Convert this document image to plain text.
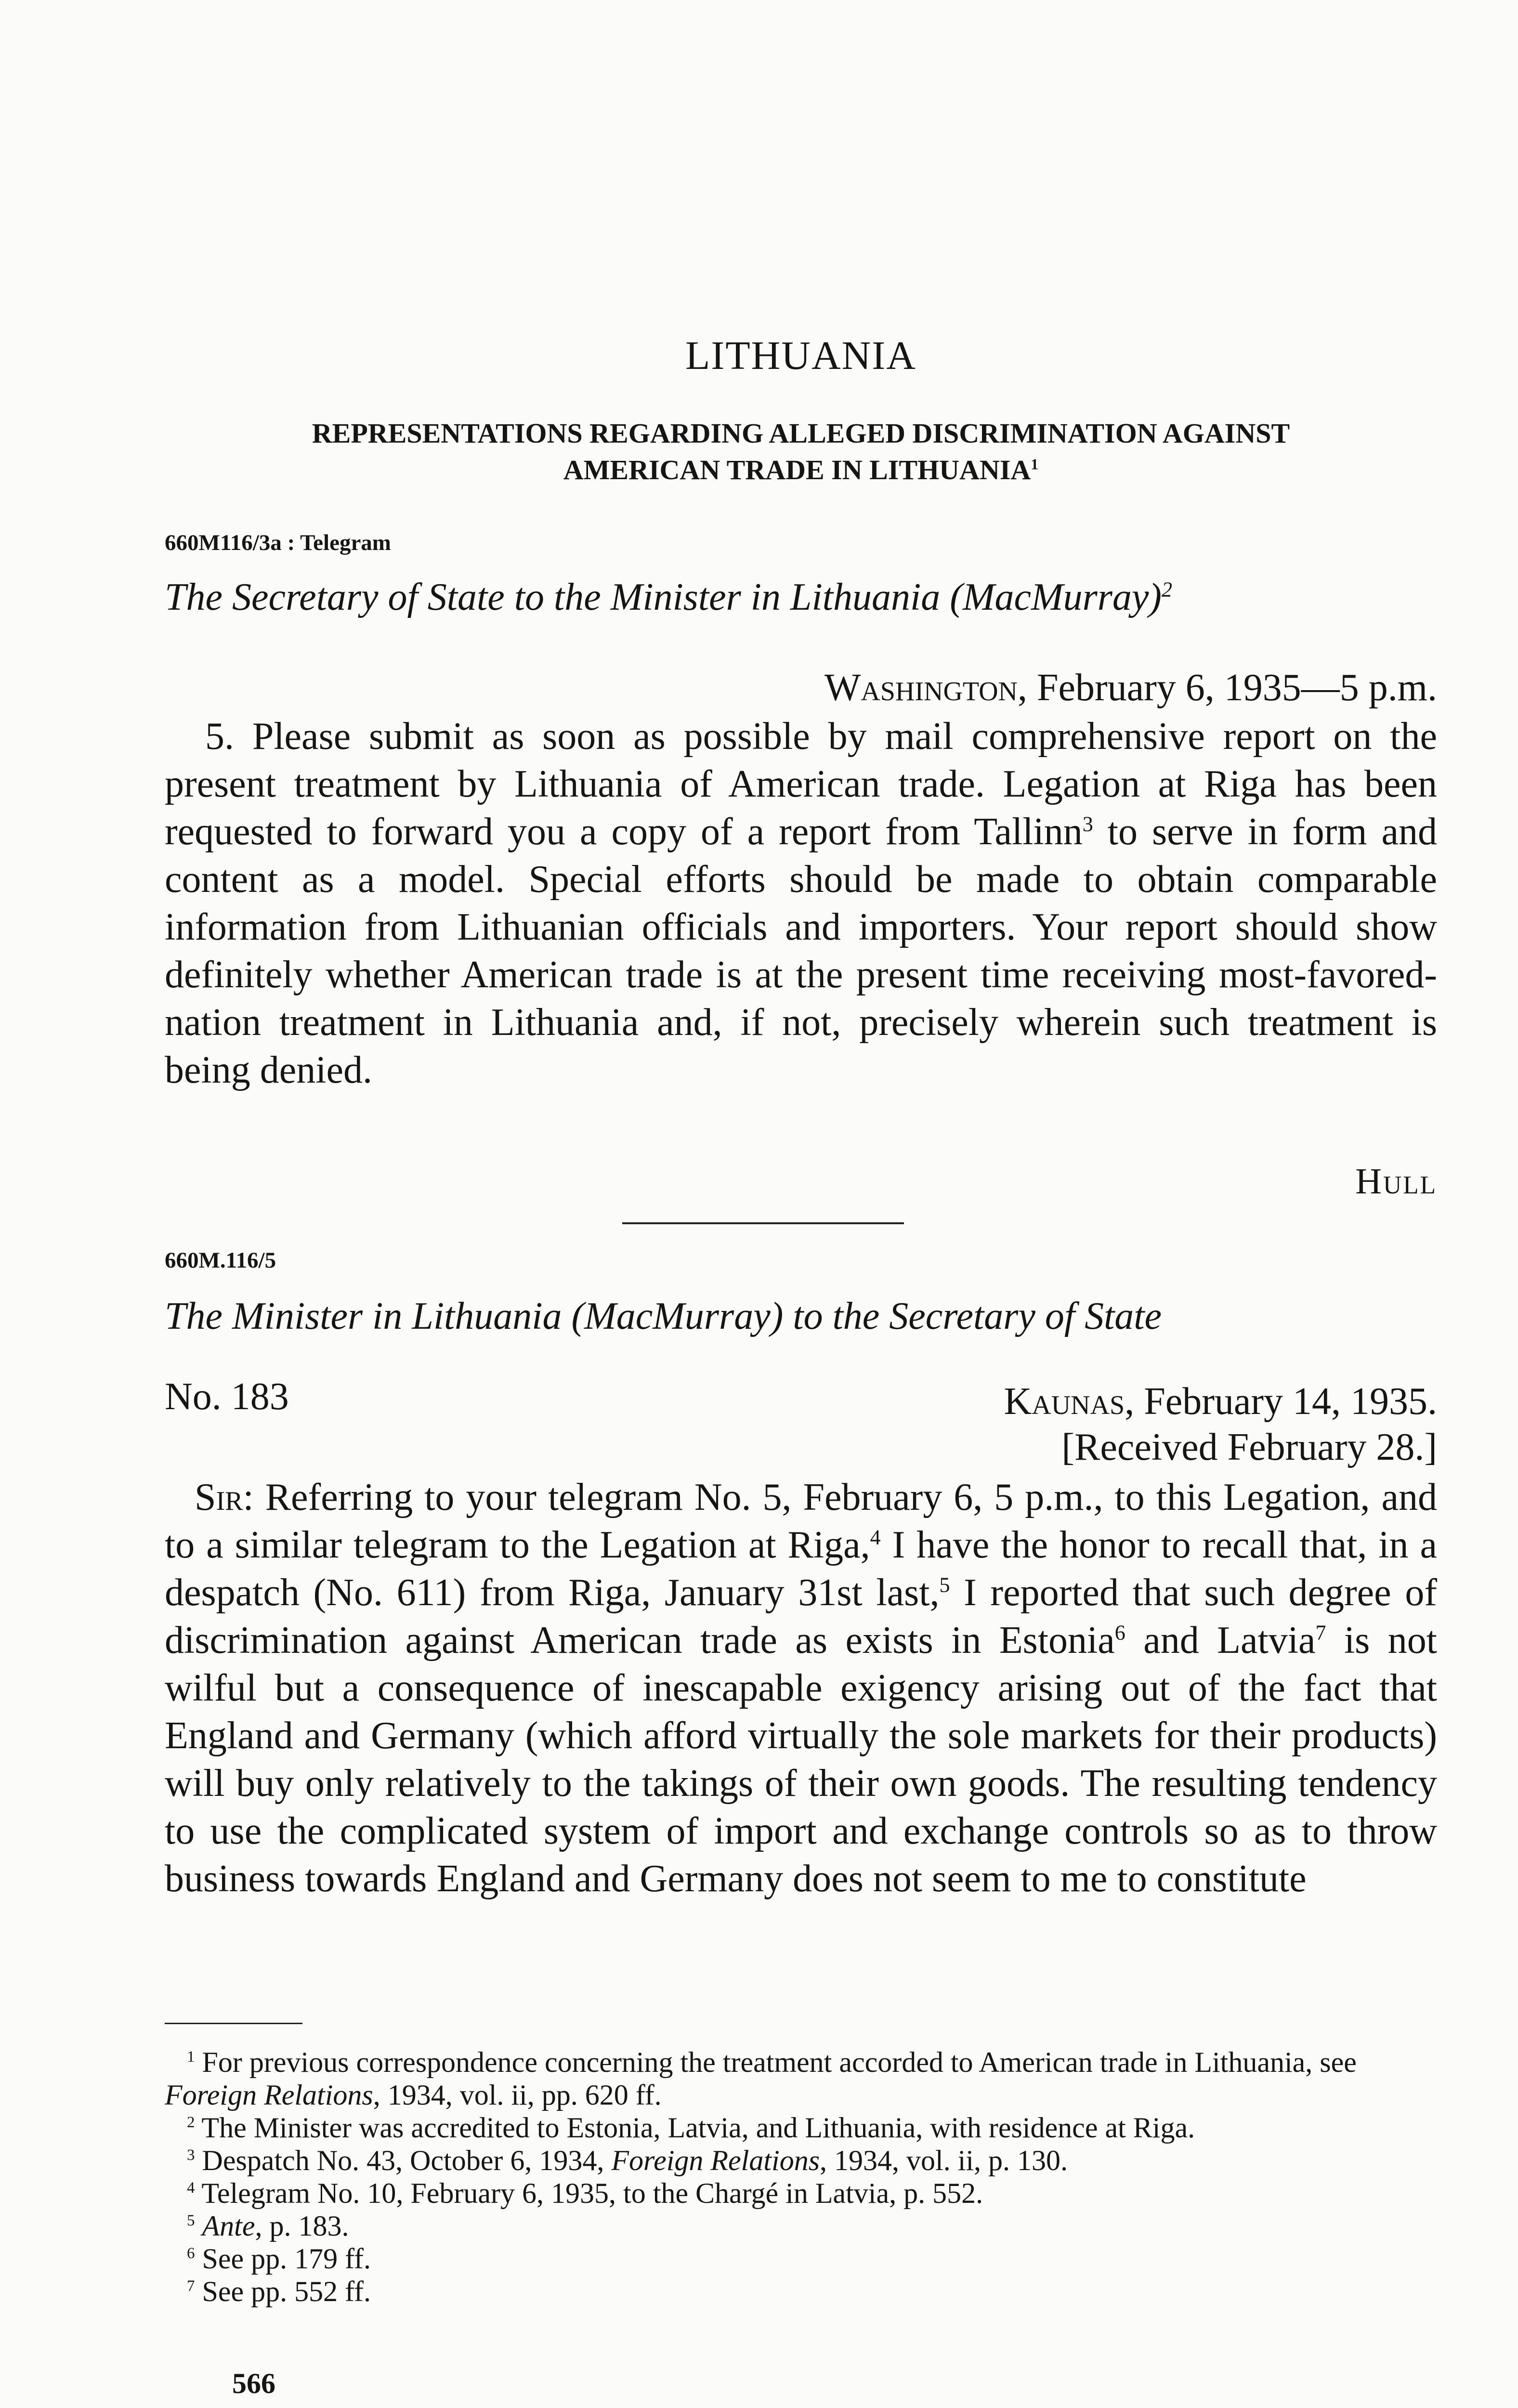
LITHUANIA
REPRESENTATIONS REGARDING ALLEGED DISCRIMINATION AGAINST
AMERICAN TRADE IN LITHUANIA$^1$
660M116/3a : Telegram
The Secretary of State to the Minister in Lithuania (MacMurray)$^2$
Washington, February 6, 1935—5 p.m.
5. Please submit as soon as possible by mail comprehensive report on the present treatment by Lithuania of American trade. Legation at Riga has been requested to forward you a copy of a report from Tallinn$^3$ to serve in form and content as a model. Special efforts should be made to obtain comparable information from Lithuanian officials and importers. Your report should show definitely whether American trade is at the present time receiving most-favored-nation treatment in Lithuania and, if not, precisely wherein such treatment is being denied.
Hull
660M.116/5
The Minister in Lithuania (MacMurray) to the Secretary of State
No. 183	Kaunas, February 14, 1935.
[Received February 28.]
Sir: Referring to your telegram No. 5, February 6, 5 p.m., to this Legation, and to a similar telegram to the Legation at Riga,$^4$ I have the honor to recall that, in a despatch (No. 611) from Riga, January 31st last,$^5$ I reported that such degree of discrimination against American trade as exists in Estonia$^6$ and Latvia$^7$ is not wilful but a consequence of inescapable exigency arising out of the fact that England and Germany (which afford virtually the sole markets for their products) will buy only relatively to the takings of their own goods. The resulting tendency to use the complicated system of import and exchange controls so as to throw business towards England and Germany does not seem to me to constitute

$^1$ For previous correspondence concerning the treatment accorded to American trade in Lithuania, see Foreign Relations, 1934, vol. ii, pp. 620 ff.

$^2$ The Minister was accredited to Estonia, Latvia, and Lithuania, with residence at Riga.

$^3$ Despatch No. 43, October 6, 1934, Foreign Relations, 1934, vol. ii, p. 130.

$^4$ Telegram No. 10, February 6, 1935, to the Chargé in Latvia, p. 552.

$^5$ Ante, p. 183.

$^6$ See pp. 179 ff.

$^7$ See pp. 552 ff.

566
